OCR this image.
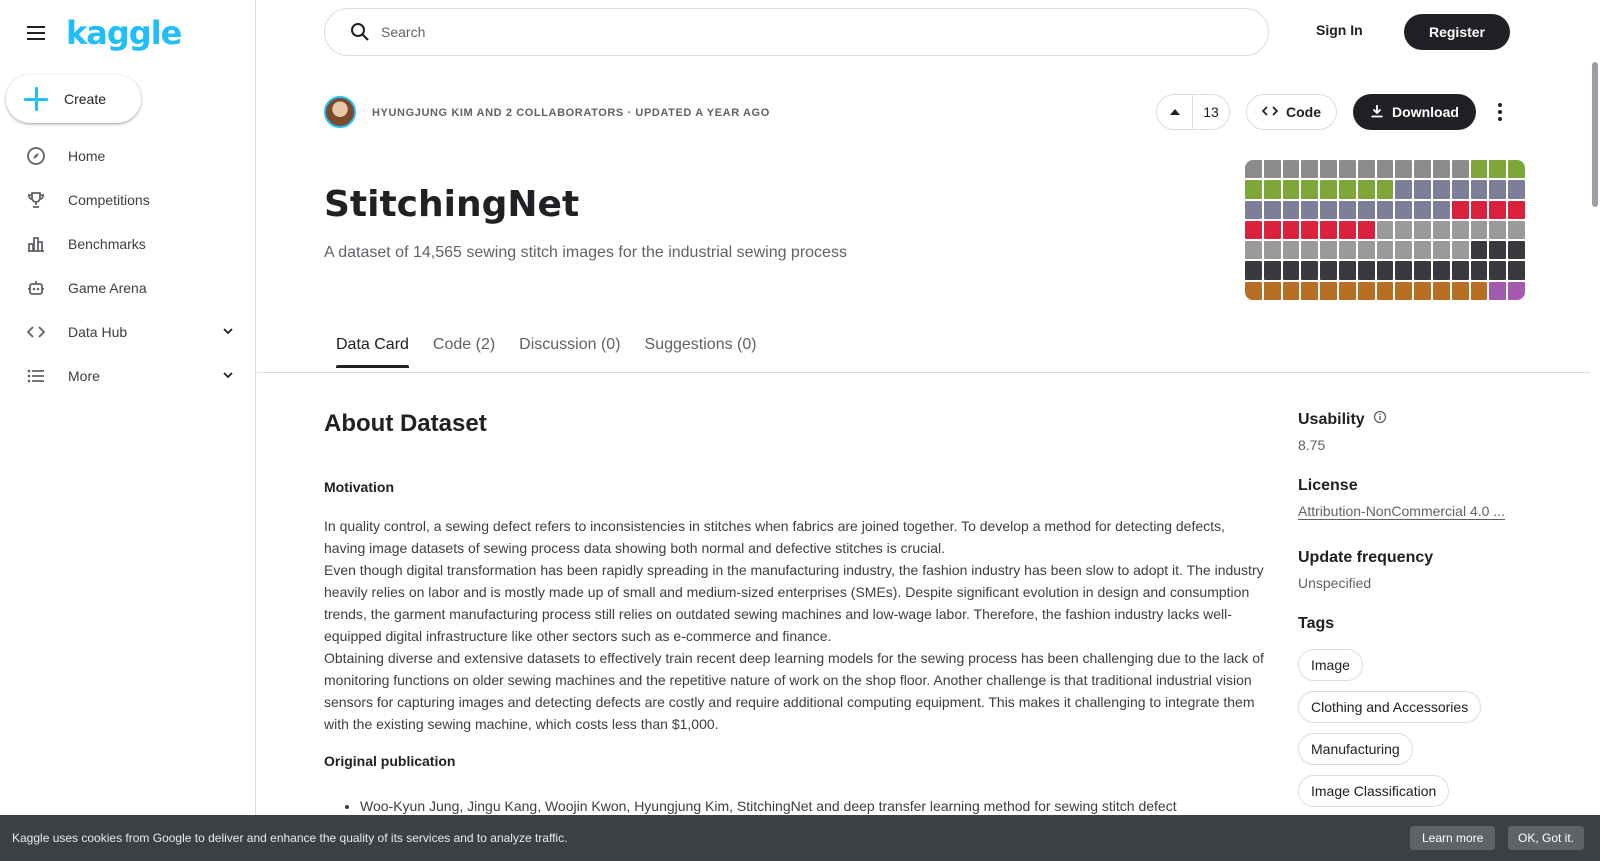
kaggle
Create
Home
Competitions
Benchmarks
Game Arena
Data Hub
More
Search
Sign In	Register
HYUNGJUNG KIM AND 2 COLLABORATORS · UPDATED A YEAR AGO	13	Code	Download
StitchingNet
A dataset of 14,565 sewing stitch images for the industrial sewing process
Data Card Code (2) Discussion (0) Suggestions (0)
About Dataset
Motivation

In quality control, a sewing defect refers to inconsistencies in stitches when fabrics are joined together. To develop a method for detecting defects, having image datasets of sewing process data showing both normal and defective stitches is crucial.

Even though digital transformation has been rapidly spreading in the manufacturing industry, the fashion industry has been slow to adopt it. The industry heavily relies on labor and is mostly made up of small and medium-sized enterprises (SMEs). Despite significant evolution in design and consumption trends, the garment manufacturing process still relies on outdated sewing machines and low-wage labor. Therefore, the fashion industry lacks well-equipped digital infrastructure like other sectors such as e-commerce and finance.

Obtaining diverse and extensive datasets to effectively train recent deep learning models for the sewing process has been challenging due to the lack of monitoring functions on older sewing machines and the repetitive nature of work on the shop floor. Another challenge is that traditional industrial vision sensors for capturing images and detecting defects are costly and require additional computing equipment. This makes it challenging to integrate them with the existing sewing machine, which costs less than $1,000.

Original publication
• Woo-Kyun Jung, Jingu Kang, Woojin Kwon, Hyungjung Kim, StitchingNet and deep transfer learning method for sewing stitch defect
Usability
8.75
License
Attribution-NonCommercial 4.0 ...
Update frequency
Unspecified
Tags
Image
Clothing and Accessories
Manufacturing
Image Classification
Kaggle uses cookies from Google to deliver and enhance the quality of its services and to analyze traffic.	Learn more	OK, Got it.
